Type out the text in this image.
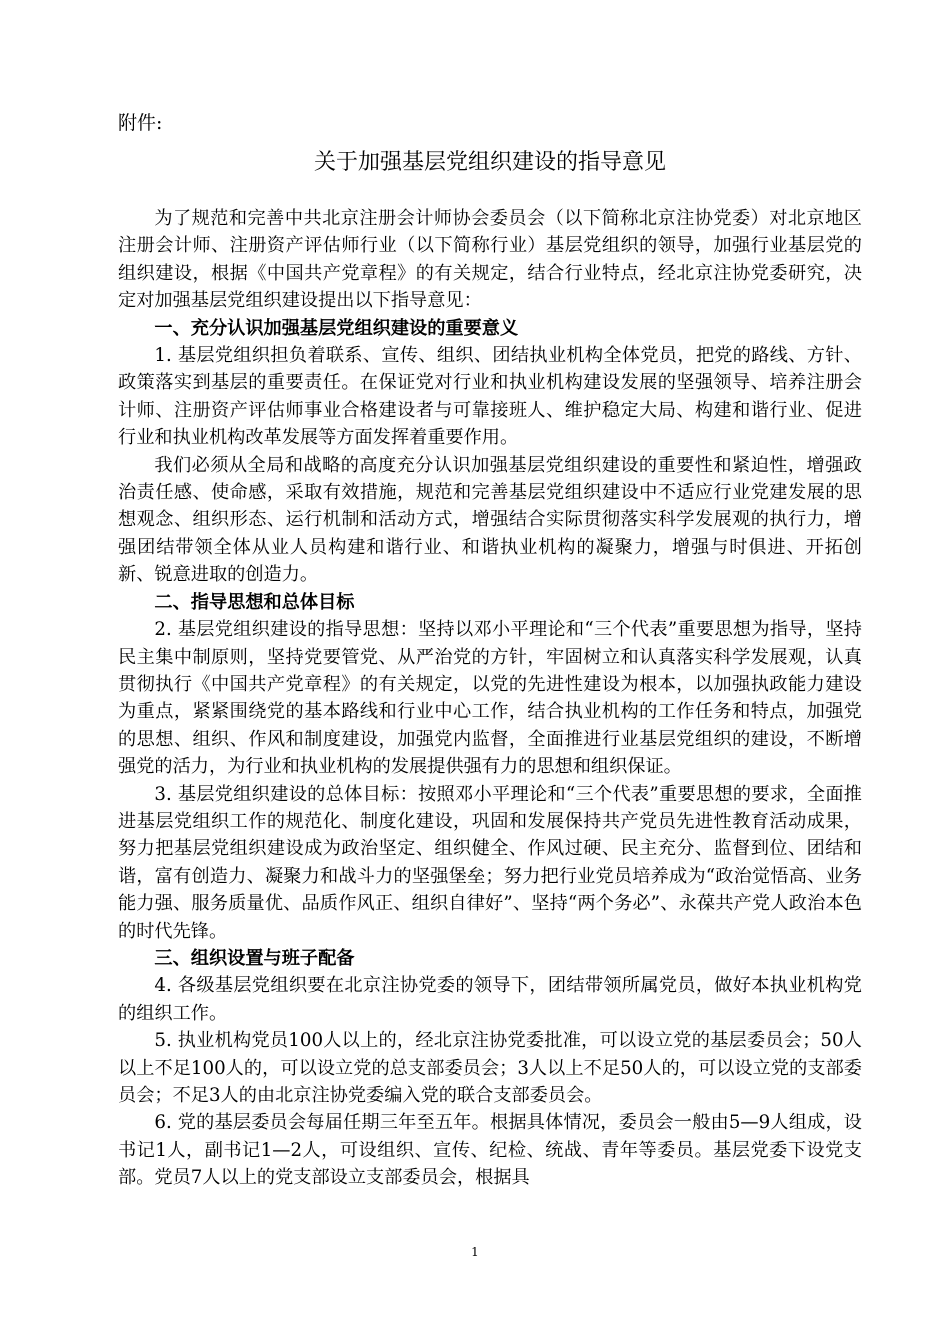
附件:
关于加强基层党组织建设的指导意见

为了规范和完善中共北京注册会计师协会委员会（以下简称北京注协党委）对北京地区注册会计师、注册资产评估师行业（以下简称行业）基层党组织的领导，加强行业基层党的组织建设，根据《中国共产党章程》的有关规定，结合行业特点，经北京注协党委研究，决定对加强基层党组织建设提出以下指导意见：

一、充分认识加强基层党组织建设的重要意义

1. 基层党组织担负着联系、宣传、组织、团结执业机构全体党员，把党的路线、方针、政策落实到基层的重要责任。在保证党对行业和执业机构建设发展的坚强领导、培养注册会计师、注册资产评估师事业合格建设者与可靠接班人、维护稳定大局、构建和谐行业、促进行业和执业机构改革发展等方面发挥着重要作用。

我们必须从全局和战略的高度充分认识加强基层党组织建设的重要性和紧迫性，增强政治责任感、使命感，采取有效措施，规范和完善基层党组织建设中不适应行业党建发展的思想观念、组织形态、运行机制和活动方式，增强结合实际贯彻落实科学发展观的执行力，增强团结带领全体从业人员构建和谐行业、和谐执业机构的凝聚力，增强与时俱进、开拓创新、锐意进取的创造力。

二、指导思想和总体目标

2. 基层党组织建设的指导思想：坚持以邓小平理论和“三个代表”重要思想为指导，坚持民主集中制原则，坚持党要管党、从严治党的方针，牢固树立和认真落实科学发展观，认真贯彻执行《中国共产党章程》的有关规定，以党的先进性建设为根本，以加强执政能力建设为重点，紧紧围绕党的基本路线和行业中心工作，结合执业机构的工作任务和特点，加强党的思想、组织、作风和制度建设，加强党内监督，全面推进行业基层党组织的建设，不断增强党的活力，为行业和执业机构的发展提供强有力的思想和组织保证。

3. 基层党组织建设的总体目标：按照邓小平理论和“三个代表”重要思想的要求，全面推进基层党组织工作的规范化、制度化建设，巩固和发展保持共产党员先进性教育活动成果，努力把基层党组织建设成为政治坚定、组织健全、作风过硬、民主充分、监督到位、团结和谐，富有创造力、凝聚力和战斗力的坚强堡垒；努力把行业党员培养成为“政治觉悟高、业务能力强、服务质量优、品质作风正、组织自律好”、坚持“两个务必”、永葆共产党人政治本色的时代先锋。

三、组织设置与班子配备

4. 各级基层党组织要在北京注协党委的领导下，团结带领所属党员，做好本执业机构党的组织工作。

5. 执业机构党员100人以上的，经北京注协党委批准，可以设立党的基层委员会；50人以上不足100人的，可以设立党的总支部委员会；3人以上不足50人的，可以设立党的支部委员会；不足3人的由北京注协党委编入党的联合支部委员会。

6. 党的基层委员会每届任期三年至五年。根据具体情况，委员会一般由5—9人组成，设书记1人，副书记1—2人，可设组织、宣传、纪检、统战、青年等委员。基层党委下设党支部。党员7人以上的党支部设立支部委员会，根据具

1
